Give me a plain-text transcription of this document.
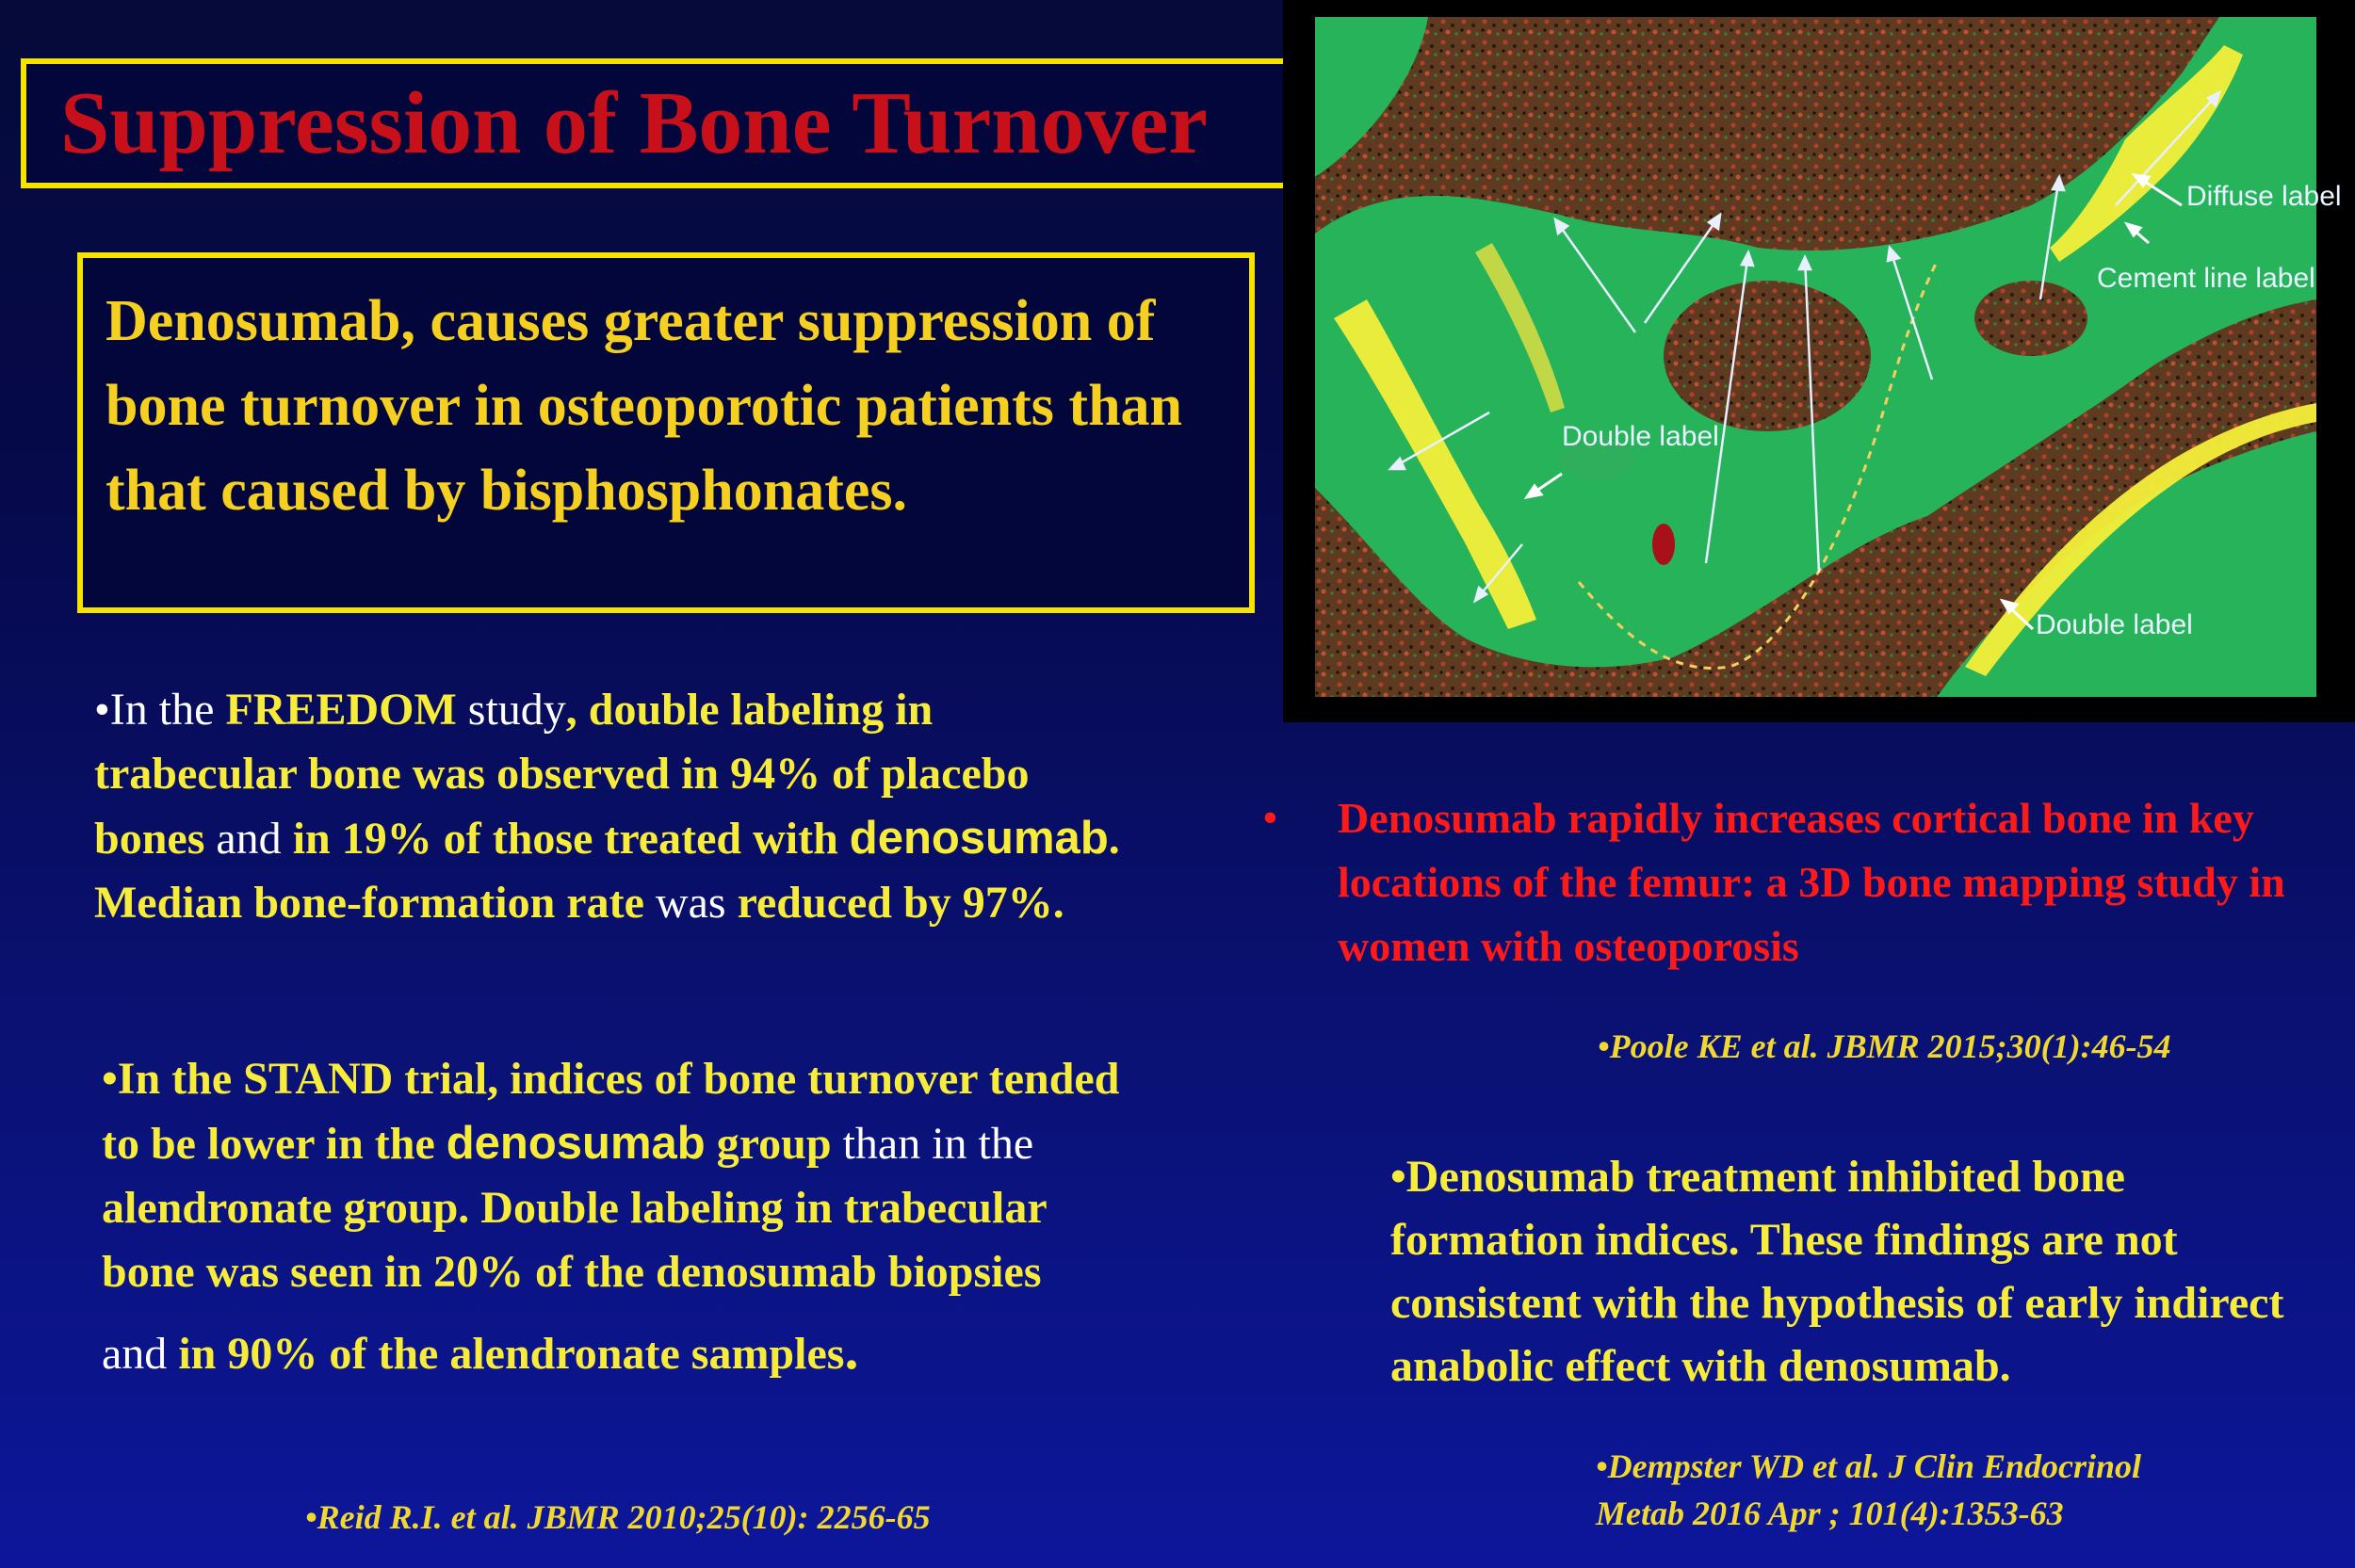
Suppression of Bone Turnover
Denosumab, causes greater suppression of bone turnover in osteoporotic patients than that caused by bisphosphonates.
•In the FREEDOM study, double labeling in trabecular bone was observed in 94% of placebo bones and in 19% of those treated with denosumab. Median bone-formation rate was reduced by 97%.
•In the STAND trial, indices of bone turnover tended to be lower in the denosumab group than in the alendronate group. Double labeling in trabecular bone was seen in 20% of the denosumab biopsies
and in 90% of the alendronate samples.
•Reid R.I. et al. JBMR 2010;25(10): 2256-65
Diffuse label
Cement line label
Double label
Double label
• Denosumab rapidly increases cortical bone in key locations of the femur: a 3D bone mapping study in women with osteoporosis
•Poole KE et al. JBMR 2015;30(1):46-54
•Denosumab treatment inhibited bone formation indices. These findings are not consistent with the hypothesis of early indirect anabolic effect with denosumab.
•Dempster WD et al. J Clin Endocrinol
Metab 2016 Apr ; 101(4):1353-63
